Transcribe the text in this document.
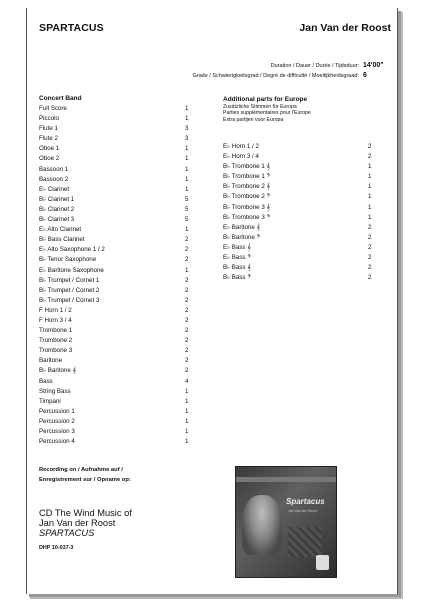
SPARTACUS	Jan Van der Roost
Duration / Dauer / Durée / Tijdsduur: 14'00"
Grade / Schwierigkeitsgrad / Degré de difficulté / Moeilijkheidsgraad: 6
Concert Band
Full Score	1
Piccolo	1
Flute 1	3
Flute 2	3
Oboe 1	1
Oboe 2	1
Bassoon 1	1
Bassoon 2	1
E♭ Clarinet	1
B♭ Clarinet 1	5
B♭ Clarinet 2	5
B♭ Clarinet 3	5
E♭ Alto Clarinet	1
B♭ Bass Clarinet	2
E♭ Alto Saxophone 1 / 2	2
B♭ Tenor Saxophone	2
E♭ Baritone Saxophone	1
B♭ Trumpet / Cornet 1	2
B♭ Trumpet / Cornet 2	2
B♭ Trumpet / Cornet 3	2
F Horn 1 / 2	2
F Horn 3 / 4	2
Trombone 1	2
Trombone 2	2
Trombone 3	2
Baritone	2
B♭ Baritone 𝄞	2
Bass	4
String Bass	1
Timpani	1
Percussion 1	1
Percussion 2	1
Percussion 3	1
Percussion 4	1
Additional parts for Europe
Zusätzliche Stimmen für Europa
Parties supplémentaires pour l'Europe
Extra partijen voor Europa
E♭ Horn 1 / 2	2
E♭ Horn 3 / 4	2
B♭ Trombone 1 𝄞	1
B♭ Trombone 1 𝄢	1
B♭ Trombone 2 𝄞	1
B♭ Trombone 2 𝄢	1
B♭ Trombone 3 𝄞	1
B♭ Trombone 3 𝄢	1
E♭ Baritone 𝄞	2
B♭ Baritone 𝄢	2
E♭ Bass 𝄞	2
E♭ Bass 𝄢	2
B♭ Bass 𝄞	2
B♭ Bass 𝄢	2
Recording on / Aufnahme auf /
Enregistrement sur / Opname op:
CD The Wind Music of
Jan Van der Roost
SPARTACUS
DHP 10-037-3
Spartacus
Jan Van der Roost
